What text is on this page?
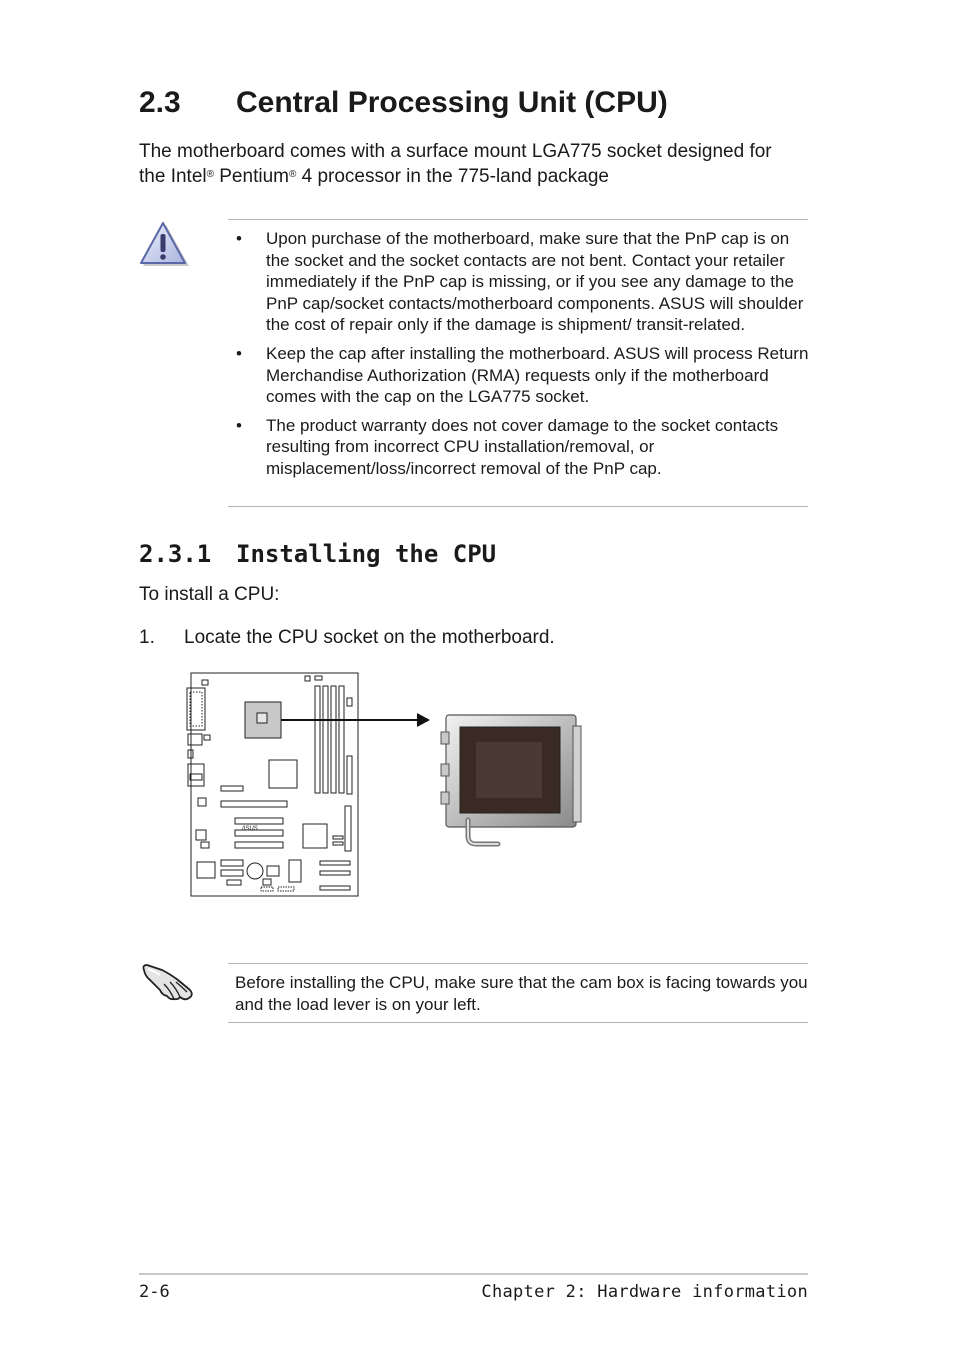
2.3 Central Processing Unit (CPU)

The motherboard comes with a surface mount LGA775 socket designed for
the Intel® Pentium® 4 processor in the 775-land package

• Upon purchase of the motherboard, make sure that the PnP cap is on the socket and the socket contacts are not bent. Contact your retailer immediately if the PnP cap is missing, or if you see any damage to the PnP cap/socket contacts/motherboard components. ASUS will shoulder the cost of repair only if the damage is shipment/ transit-related.
• Keep the cap after installing the motherboard. ASUS will process Return Merchandise Authorization (RMA) requests only if the motherboard comes with the cap on the LGA775 socket.
• The product warranty does not cover damage to the socket contacts resulting from incorrect CPU installation/removal, or misplacement/loss/incorrect removal of the PnP cap.
2.3.1 Installing the CPU

To install a CPU:

1. Locate the CPU socket on the motherboard.

/ISUS

Before installing the CPU, make sure that the cam box is facing towards you and the load lever is on your left.

2-6	Chapter 2: Hardware information
